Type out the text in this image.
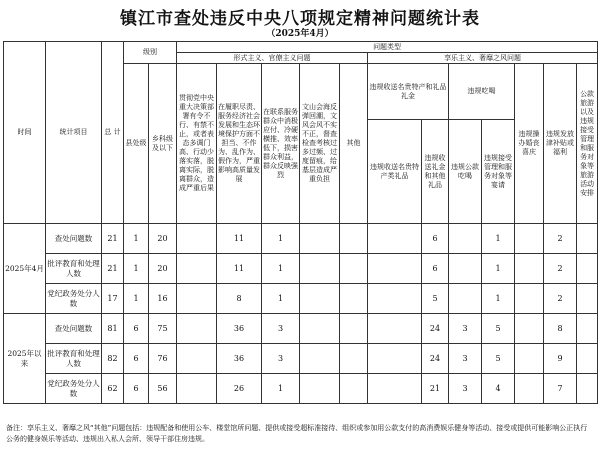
镇江市查处违反中央八项规定精神问题统计表
（2025年4月）
时间	统计项目	总 计	级别		问题类型												
					形式主义、官僚主义问题					享乐主义、奢靡之风问题							
			县处级	乡科级及以下	贯彻党中央重大决策部署有令不行、有禁不止，或者表态多调门高、行动少落实落，脱离实际，脱离群众，造成严重后果	在履职尽责、服务经济社会发展和生态环境保护方面不担当、不作为、乱作为、假作为，严重影响高质量发展	在联系服务群众中消极应付、冷硬横推、效率低下，损害群众利益，群众反映强烈	文山会海反弹回潮，文风会风不实不正，督查检查考核过多过频、过度留痕，给基层造成严重负担	其他	违规收送名贵特产和礼品礼金		违规吃喝		违规操办婚丧喜庆	违规发放津补贴或福利	公款旅游以及违规接受管理和服务对象等旅游活动安排	
										违规收送名贵特产类礼品	违规收送礼金和其他礼品	违规公款吃喝	违规接受管理和服务对象等宴请				
2025年4月	查处问题数	21	1	20		11	1				6		1		2		
	批评教育和处理人数	21	1	20		11	1				6		1		2		
	党纪政务处分人数	17	1	16		8	1				5		1		2		
2025年以来	查处问题数	81	6	75		36	3				24	3	5		8		
	批评教育和处理人数	82	6	76		36	3				24	3	5		9		
	党纪政务处分人数	62	6	56		26	1				21	3	4		7		
备注：享乐主义、奢靡之风“其他”问题包括：违规配备和使用公车、楼堂馆所问题、提供或接受超标准接待、组织或参加用公款支付的高消费娱乐健身等活动、接受或提供可能影响公正执行公务的健身娱乐等活动、违规出入私人会所、领导干部住房违规。
